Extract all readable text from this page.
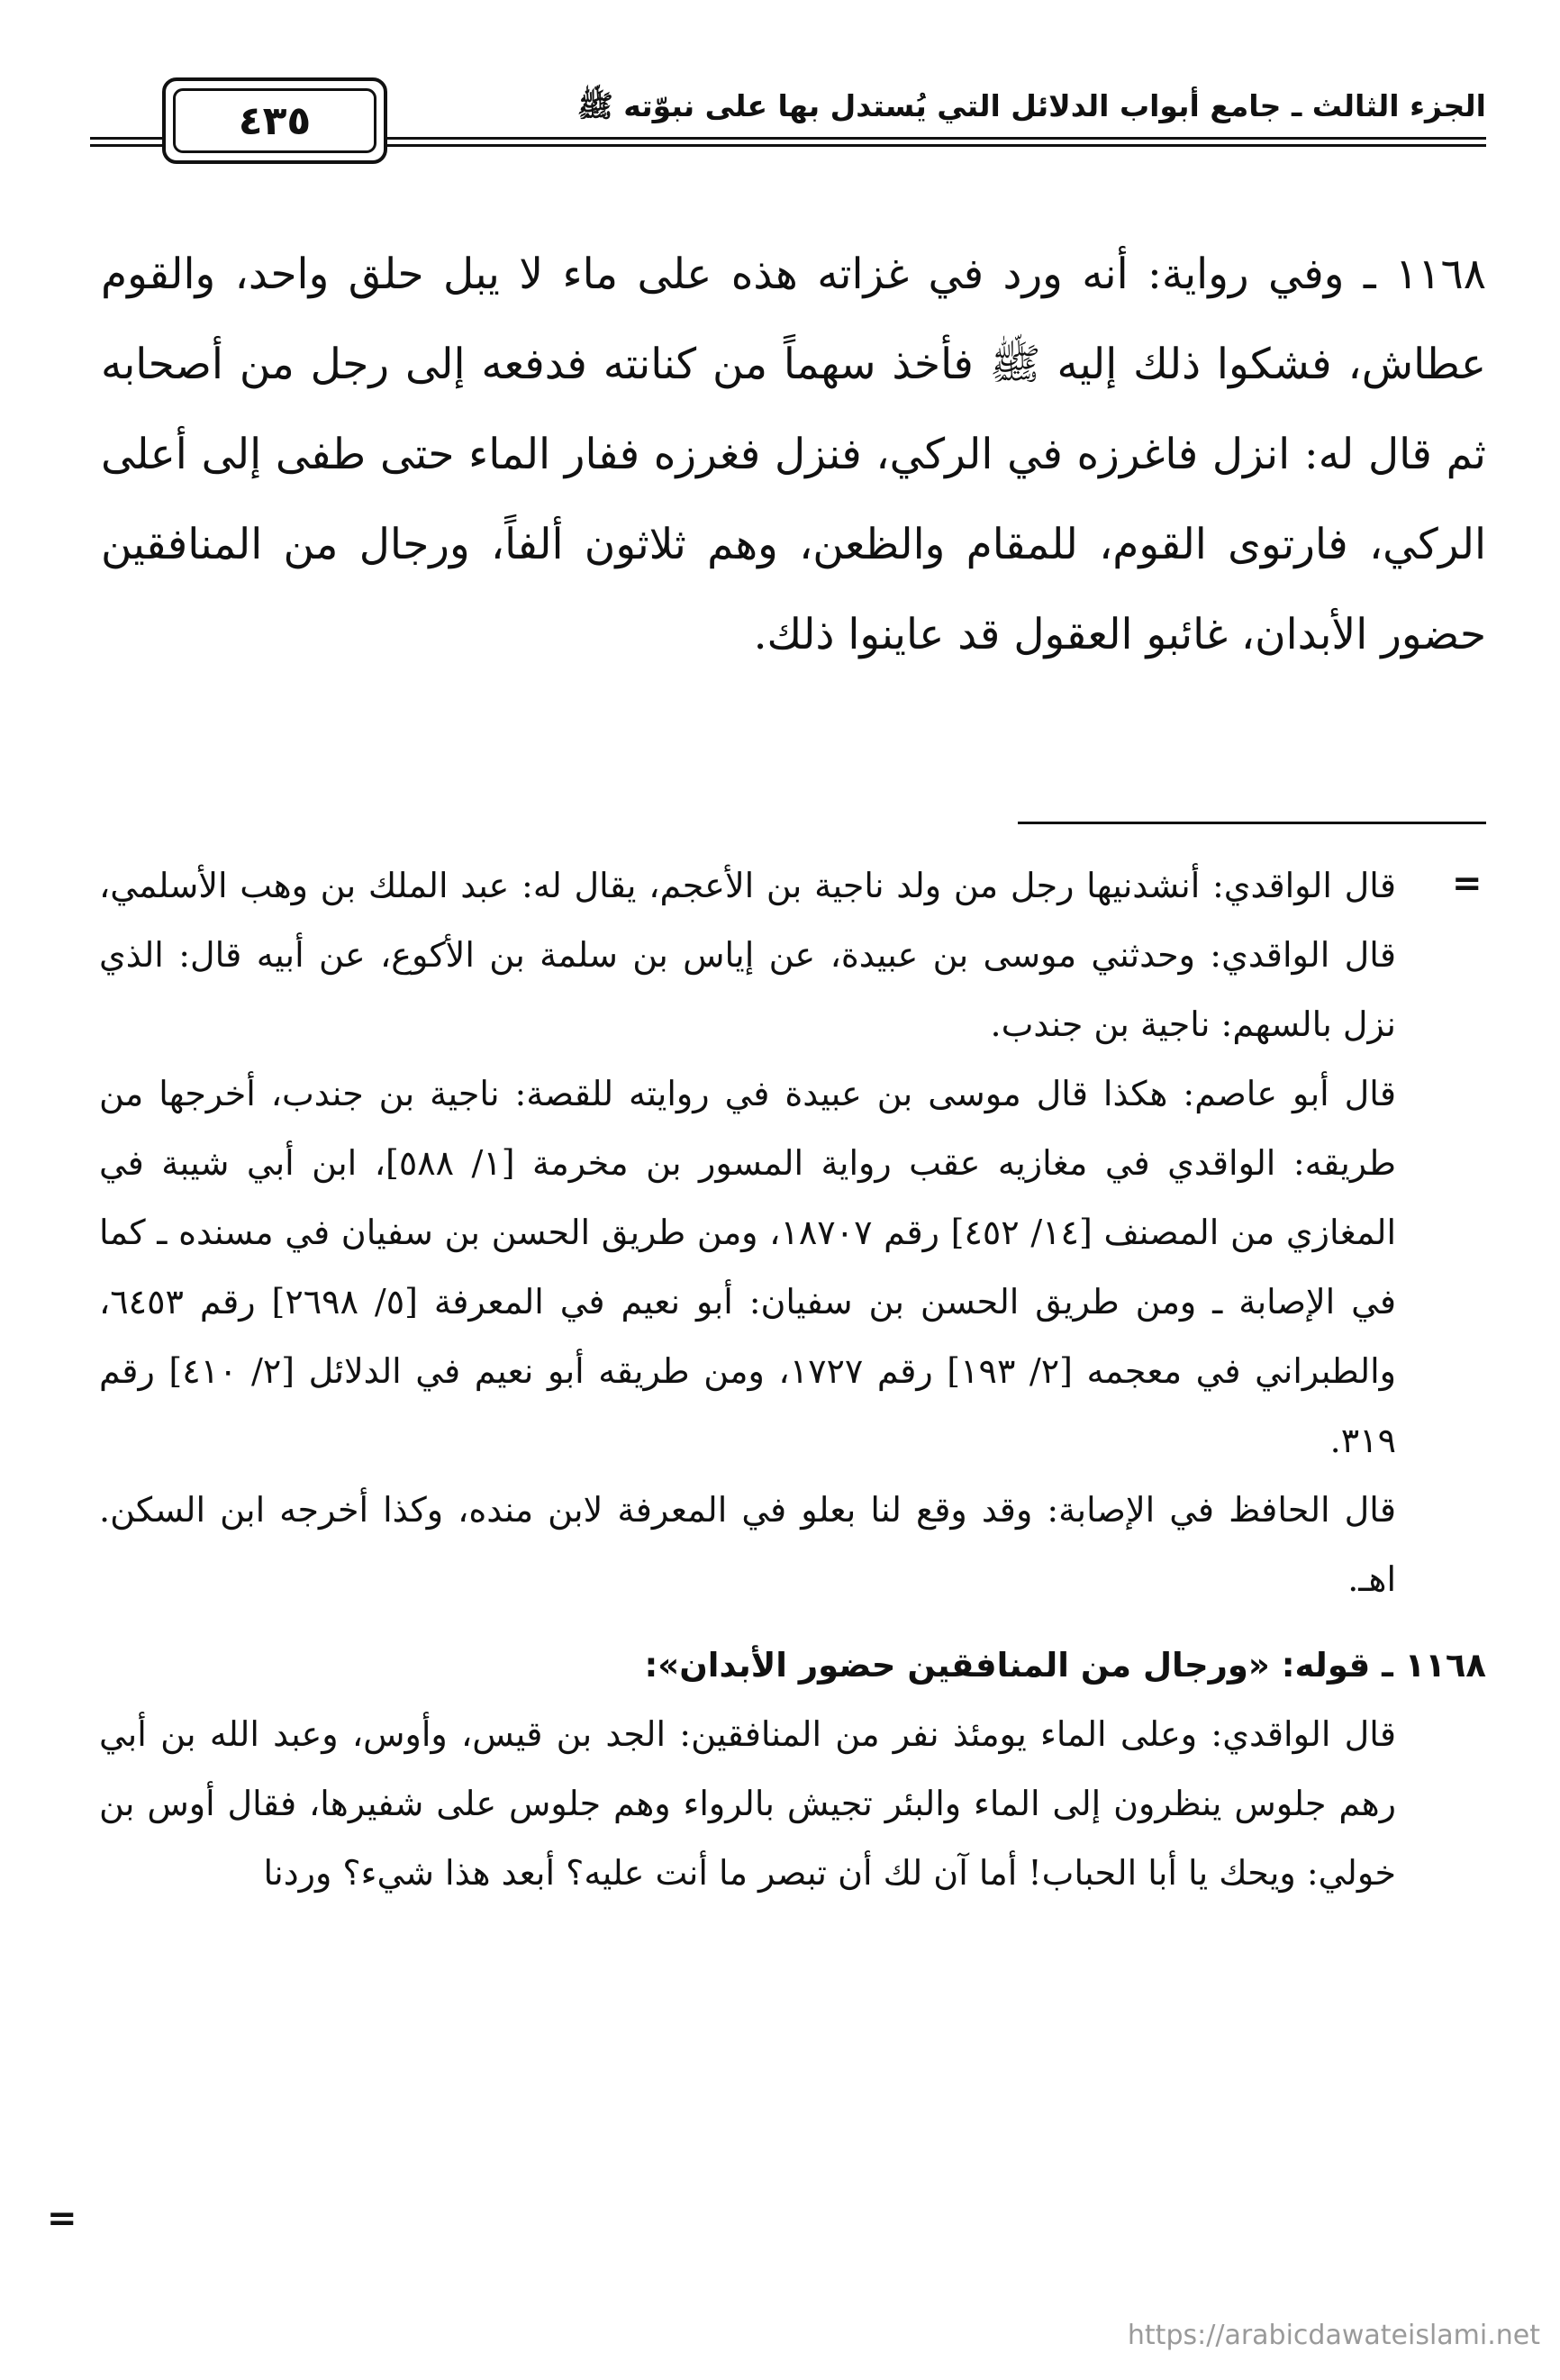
الجزء الثالث ـ جامع أبواب الدلائل التي يُستدل بها على نبوّته ﷺ
٤٣٥

١١٦٨ ـ وفي رواية: أنه ورد في غزاته هذه على ماء لا يبل حلق واحد، والقوم عطاش، فشكوا ذلك إليه ﷺ فأخذ سهماً من كنانته فدفعه إلى رجل من أصحابه ثم قال له: انزل فاغرزه في الركي، فنزل فغرزه ففار الماء حتى طفى إلى أعلى الركي، فارتوى القوم، للمقام والظعن، وهم ثلاثون ألفاً، ورجال من المنافقين حضور الأبدان، غائبو العقول قد عاينوا ذلك.

=

قال الواقدي: أنشدنيها رجل من ولد ناجية بن الأعجم، يقال له: عبد الملك بن وهب الأسلمي، قال الواقدي: وحدثني موسى بن عبيدة، عن إياس بن سلمة بن الأكوع، عن أبيه قال: الذي نزل بالسهم: ناجية بن جندب.

قال أبو عاصم: هكذا قال موسى بن عبيدة في روايته للقصة: ناجية بن جندب، أخرجها من طريقه: الواقدي في مغازيه عقب رواية المسور بن مخرمة [١/ ٥٨٨]، ابن أبي شيبة في المغازي من المصنف [١٤/ ٤٥٢] رقم ١٨٧٠٧، ومن طريق الحسن بن سفيان في مسنده ـ كما في الإصابة ـ ومن طريق الحسن بن سفيان: أبو نعيم في المعرفة [٥/ ٢٦٩٨] رقم ٦٤٥٣، والطبراني في معجمه [٢/ ١٩٣] رقم ١٧٢٧، ومن طريقه أبو نعيم في الدلائل [٢/ ٤١٠] رقم ٣١٩.

قال الحافظ في الإصابة: وقد وقع لنا بعلو في المعرفة لابن منده، وكذا أخرجه ابن السكن. اهـ.

١١٦٨ ـ قوله: «ورجال من المنافقين حضور الأبدان»:

قال الواقدي: وعلى الماء يومئذ نفر من المنافقين: الجد بن قيس، وأوس، وعبد الله بن أبي رهم جلوس ينظرون إلى الماء والبئر تجيش بالرواء وهم جلوس على شفيرها، فقال أوس بن خولي: ويحك يا أبا الحباب! أما آن لك أن تبصر ما أنت عليه؟ أبعد هذا شيء؟ وردنا

=
https://arabicdawateislami.net
